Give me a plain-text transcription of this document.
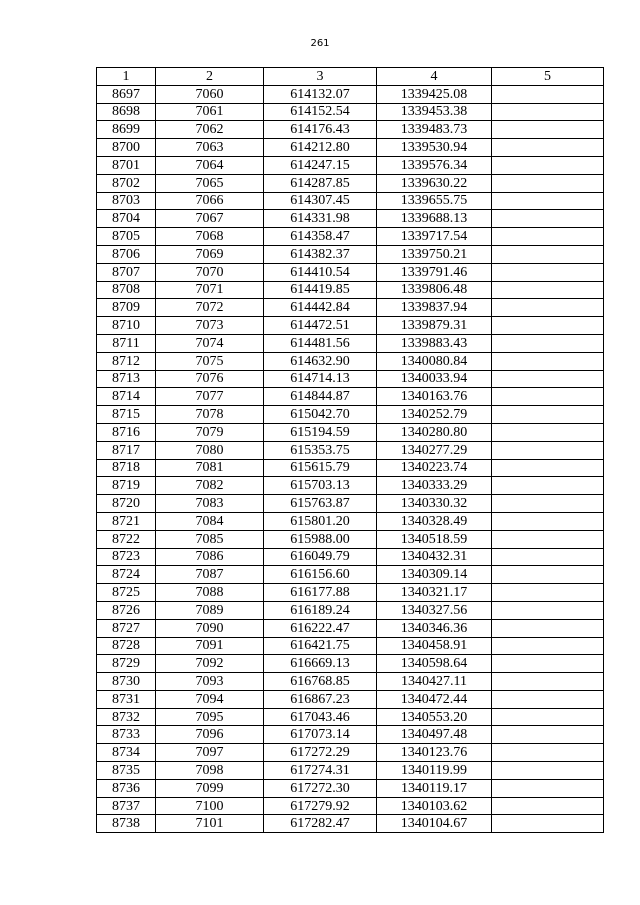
261
1	2	3	4	5
8697	7060	614132.07	1339425.08	
8698	7061	614152.54	1339453.38	
8699	7062	614176.43	1339483.73	
8700	7063	614212.80	1339530.94	
8701	7064	614247.15	1339576.34	
8702	7065	614287.85	1339630.22	
8703	7066	614307.45	1339655.75	
8704	7067	614331.98	1339688.13	
8705	7068	614358.47	1339717.54	
8706	7069	614382.37	1339750.21	
8707	7070	614410.54	1339791.46	
8708	7071	614419.85	1339806.48	
8709	7072	614442.84	1339837.94	
8710	7073	614472.51	1339879.31	
8711	7074	614481.56	1339883.43	
8712	7075	614632.90	1340080.84	
8713	7076	614714.13	1340033.94	
8714	7077	614844.87	1340163.76	
8715	7078	615042.70	1340252.79	
8716	7079	615194.59	1340280.80	
8717	7080	615353.75	1340277.29	
8718	7081	615615.79	1340223.74	
8719	7082	615703.13	1340333.29	
8720	7083	615763.87	1340330.32	
8721	7084	615801.20	1340328.49	
8722	7085	615988.00	1340518.59	
8723	7086	616049.79	1340432.31	
8724	7087	616156.60	1340309.14	
8725	7088	616177.88	1340321.17	
8726	7089	616189.24	1340327.56	
8727	7090	616222.47	1340346.36	
8728	7091	616421.75	1340458.91	
8729	7092	616669.13	1340598.64	
8730	7093	616768.85	1340427.11	
8731	7094	616867.23	1340472.44	
8732	7095	617043.46	1340553.20	
8733	7096	617073.14	1340497.48	
8734	7097	617272.29	1340123.76	
8735	7098	617274.31	1340119.99	
8736	7099	617272.30	1340119.17	
8737	7100	617279.92	1340103.62	
8738	7101	617282.47	1340104.67	
